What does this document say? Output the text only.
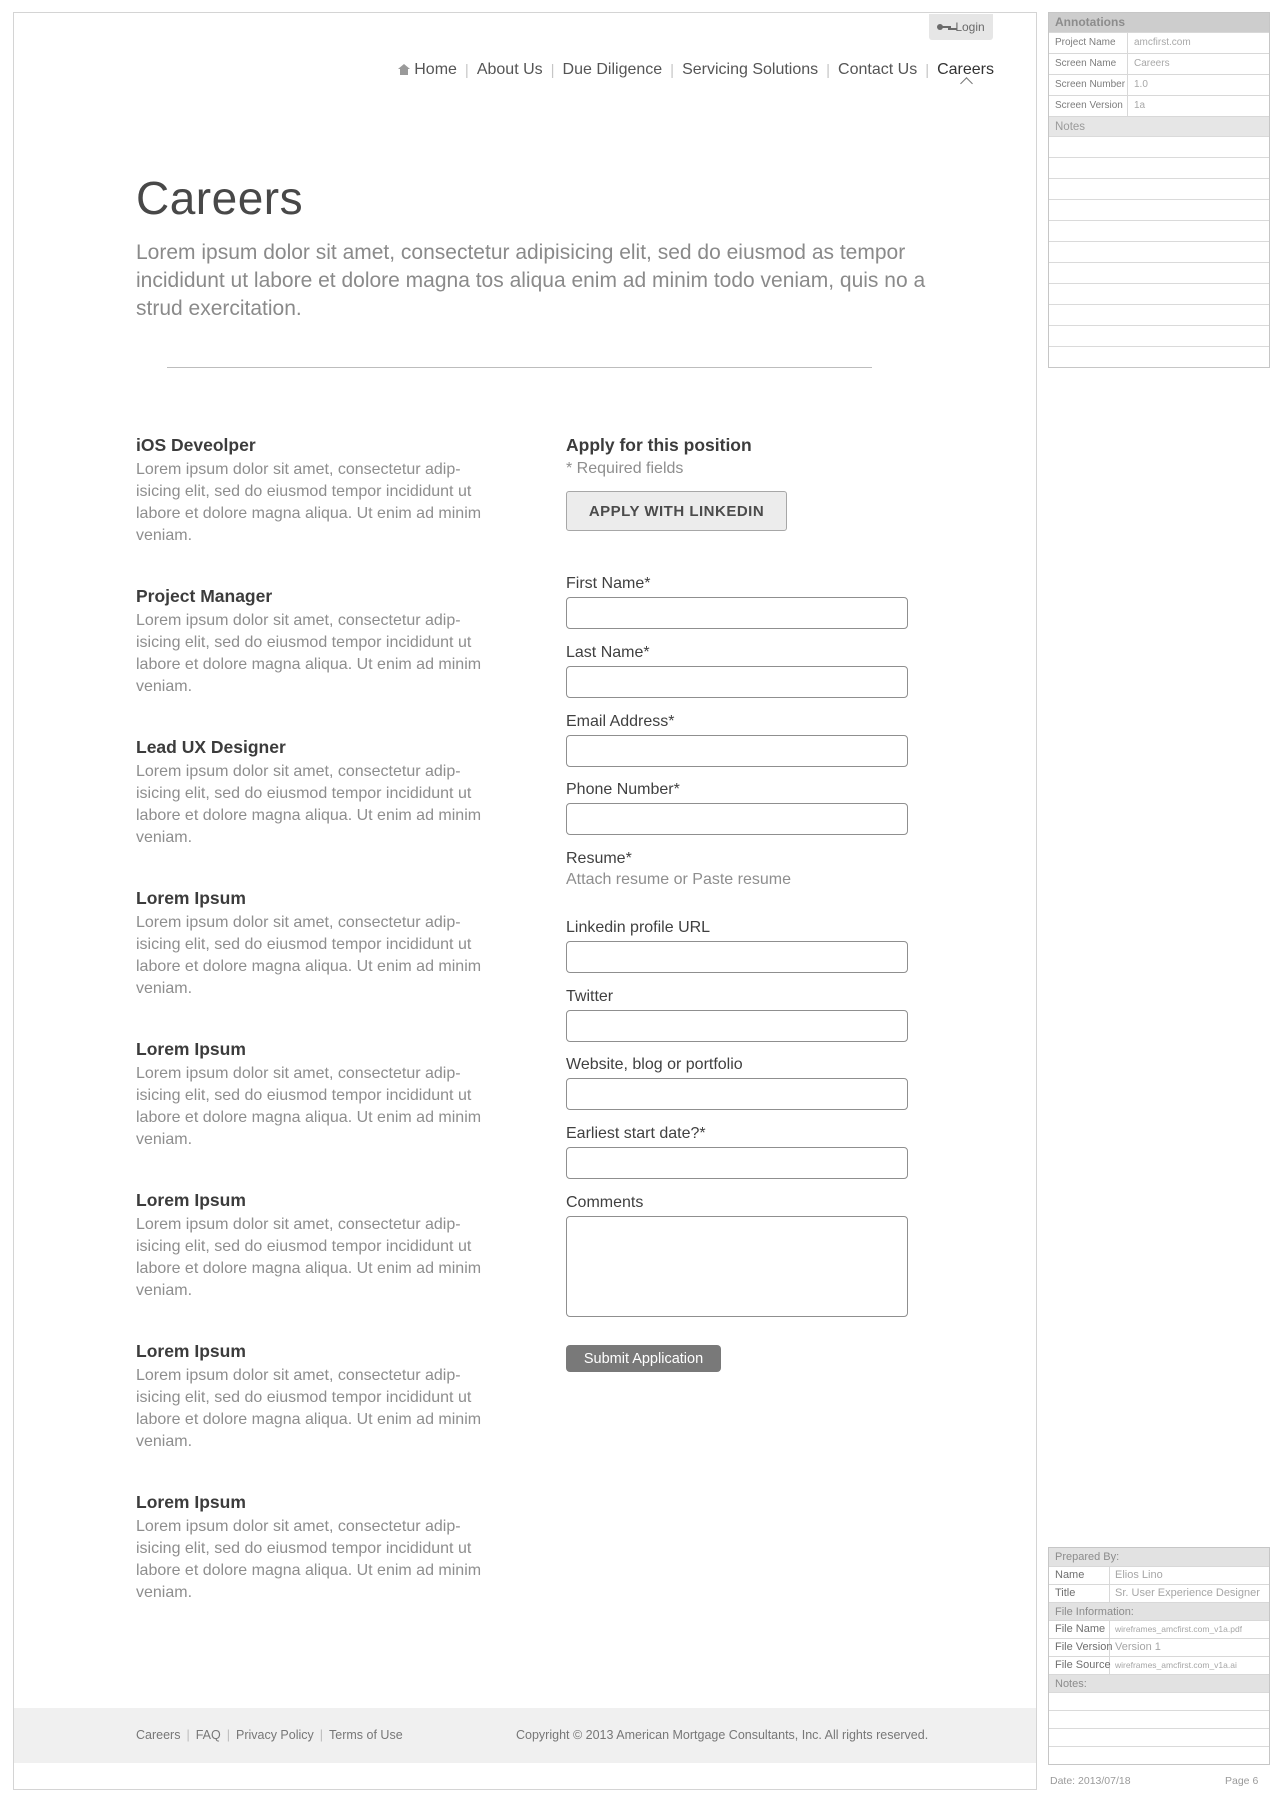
Login
Home | About Us | Due Diligence | Servicing Solutions | Contact Us | Careers
Careers

Lorem ipsum dolor sit amet, consectetur adipisicing elit, sed do eiusmod as tempor incididunt ut labore et dolore magna tos aliqua enim ad minim todo veniam, quis no a strud exercitation.

iOS Deveolper
Lorem ipsum dolor sit amet, consectetur adip-isicing elit, sed do eiusmod tempor incididunt ut labore et dolore magna aliqua. Ut enim ad minim veniam.
Project Manager
Lorem ipsum dolor sit amet, consectetur adip-isicing elit, sed do eiusmod tempor incididunt ut labore et dolore magna aliqua. Ut enim ad minim veniam.
Lead UX Designer
Lorem ipsum dolor sit amet, consectetur adip-isicing elit, sed do eiusmod tempor incididunt ut labore et dolore magna aliqua. Ut enim ad minim veniam.
Lorem Ipsum
Lorem ipsum dolor sit amet, consectetur adip-isicing elit, sed do eiusmod tempor incididunt ut labore et dolore magna aliqua. Ut enim ad minim veniam.
Lorem Ipsum
Lorem ipsum dolor sit amet, consectetur adip-isicing elit, sed do eiusmod tempor incididunt ut labore et dolore magna aliqua. Ut enim ad minim veniam.
Lorem Ipsum
Lorem ipsum dolor sit amet, consectetur adip-isicing elit, sed do eiusmod tempor incididunt ut labore et dolore magna aliqua. Ut enim ad minim veniam.
Lorem Ipsum
Lorem ipsum dolor sit amet, consectetur adip-isicing elit, sed do eiusmod tempor incididunt ut labore et dolore magna aliqua. Ut enim ad minim veniam.
Lorem Ipsum
Lorem ipsum dolor sit amet, consectetur adip-isicing elit, sed do eiusmod tempor incididunt ut labore et dolore magna aliqua. Ut enim ad minim veniam.
Apply for this position
* Required fields
APPLY WITH LINKEDIN
First Name*
Last Name*
Email Address*
Phone Number*
Resume*
Attach resume or Paste resume
Linkedin profile URL
Twitter
Website, blog or portfolio
Earliest start date?*
Comments
Submit Application
Careers | FAQ | Privacy Policy | Terms of Use	Copyright © 2013 American Mortgage Consultants, Inc. All rights reserved.
Annotations
Project Name	amcfirst.com
Screen Name	Careers
Screen Number 1.0
Screen Version	1a
Notes
Prepared By:
Name	Elios Lino
Title	Sr. User Experience Designer
File Information:
File Name	wireframes_amcfirst.com_v1a.pdf
File Version Version 1
File Source wireframes_amcfirst.com_v1a.ai
Notes:
Date: 2013/07/18	Page 6
